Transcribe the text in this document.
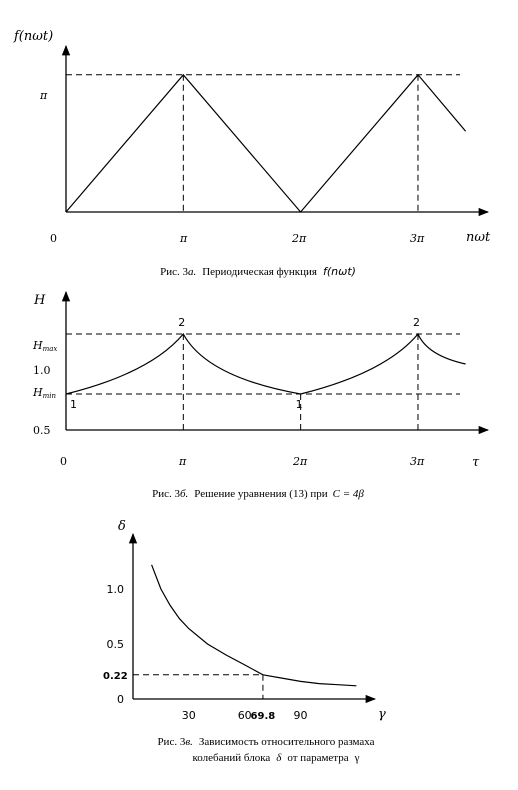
f(nωt)
nωt
π
0	π	2π	3π
Рис. 3а. Периодическая функция f(nωt)
H
τ
Hmax
1.0
Hmin
0.5
0	π	2π	3π
1
2
1
2
Рис. 3б. Решение уравнения (13) при C = 4β
δ
γ
0
0.5
1.0
30	60	90
69.8
0.22
Рис. 3в. Зависимость относительного размаха
колебаний блока δ от параметра γ
